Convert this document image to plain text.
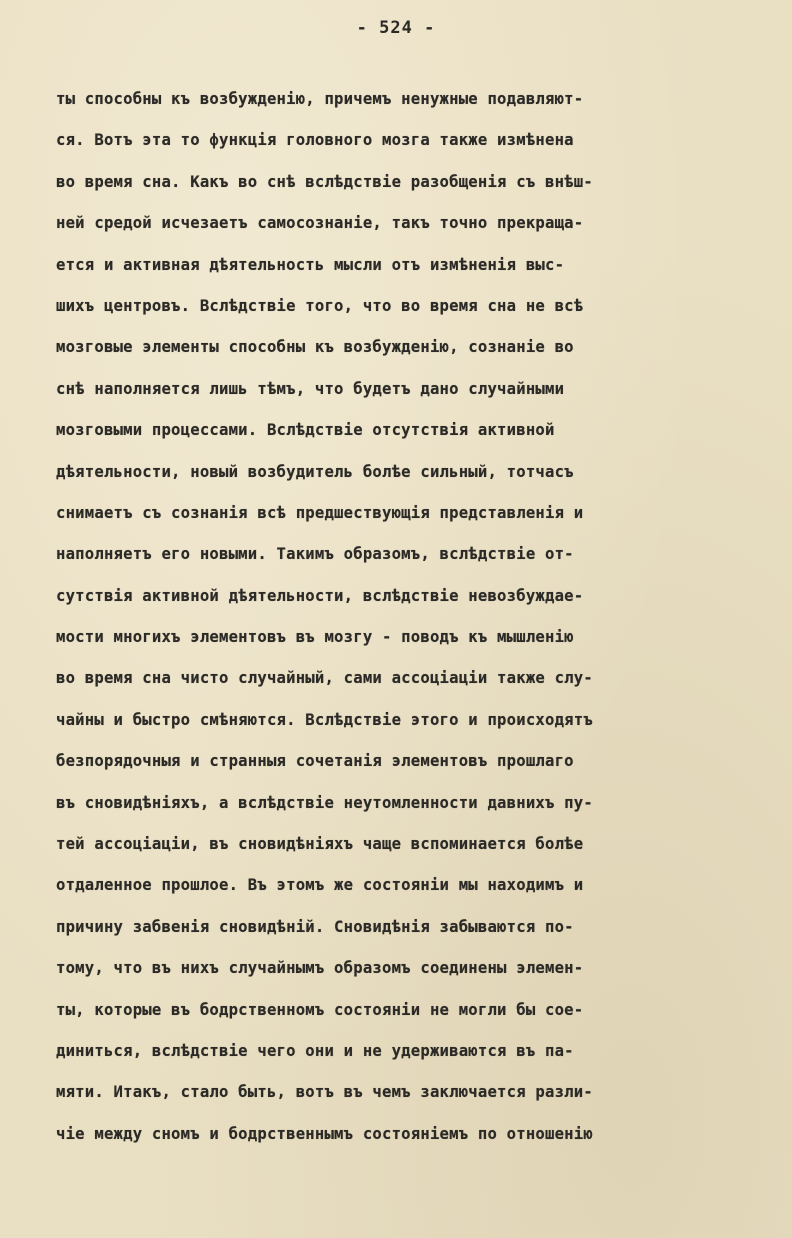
- 524 -
ты способны къ возбужденію, причемъ ненужные подавляют-
ся. Вотъ эта то функція головного мозга также измѣнена
во время сна. Какъ во снѣ вслѣдствіе разобщенія съ внѣш-
ней средой исчезаетъ самосознаніе, такъ точно прекраща-
ется и активная дѣятельность мысли отъ измѣненія выс-
шихъ центровъ. Вслѣдствіе того, что во время сна не всѣ
мозговые элементы способны къ возбужденію, сознаніе во
снѣ наполняется лишь тѣмъ, что будетъ дано случайными
мозговыми процессами. Вслѣдствіе отсутствія активной
дѣятельности, новый возбудитель болѣе сильный, тотчасъ
снимаетъ съ сознанія всѣ предшествующія представленія и
наполняетъ его новыми. Такимъ образомъ, вслѣдствіе от-
сутствія активной дѣятельности, вслѣдствіе невозбуждае-
мости многихъ элементовъ въ мозгу - поводъ къ мышленію
во время сна чисто случайный, сами ассоціаціи также слу-
чайны и быстро смѣняются. Вслѣдствіе этого и происходятъ
безпорядочныя и странныя сочетанія элементовъ прошлаго
въ сновидѣніяхъ, а вслѣдствіе неутомленности давнихъ пу-
тей ассоціаціи, въ сновидѣніяхъ чаще вспоминается болѣе
отдаленное прошлое. Въ этомъ же состояніи мы находимъ и
причину забвенія сновидѣній. Сновидѣнія забываются по-
тому, что въ нихъ случайнымъ образомъ соединены элемен-
ты, которые въ бодрственномъ состояніи не могли бы сое-
диниться, вслѣдствіе чего они и не удерживаются въ па-
мяти. Итакъ, стало быть, вотъ въ чемъ заключается разли-
чіе между сномъ и бодрственнымъ состояніемъ по отношенію
